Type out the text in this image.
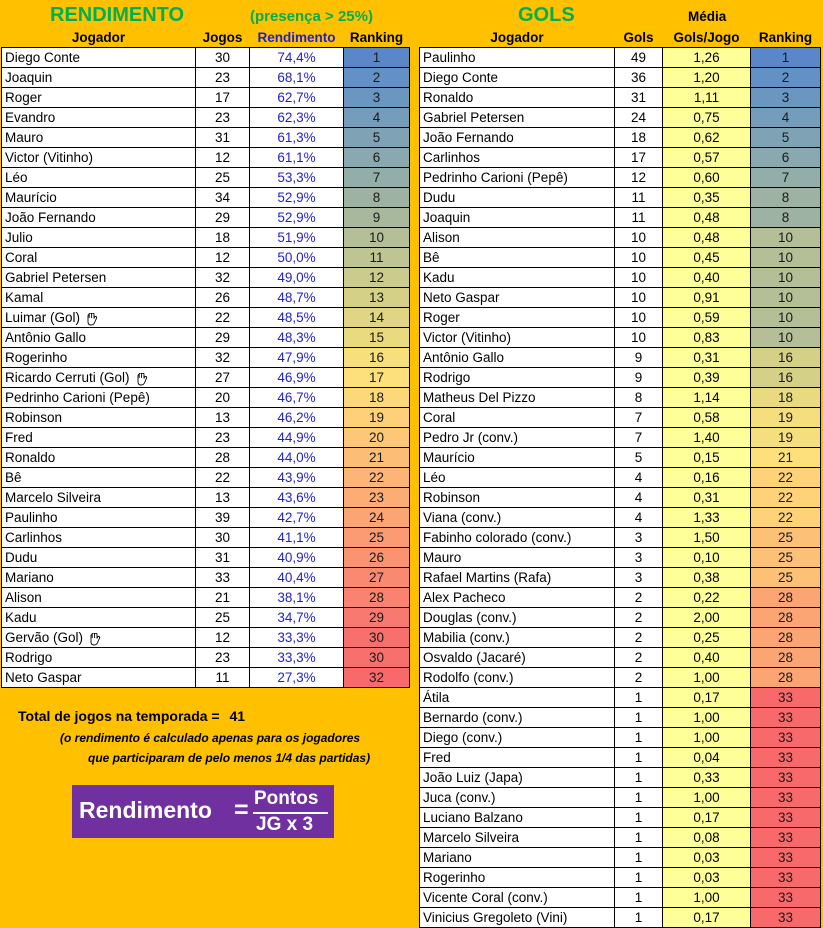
RENDIMENTO	(presença > 25%)	GOLS	Média
Jogador	Jogos	Rendimento	Ranking
Diego Conte	30	74,4%	1
Joaquin	23	68,1%	2
Roger	17	62,7%	3
Evandro	23	62,3%	4
Mauro	31	61,3%	5
Victor (Vitinho)	12	61,1%	6
Léo	25	53,3%	7
Maurício	34	52,9%	8
João Fernando	29	52,9%	9
Julio	18	51,9%	10
Coral	12	50,0%	11
Gabriel Petersen	32	49,0%	12
Kamal	26	48,7%	13
Luimar (Gol)	22	48,5%	14
Antônio Gallo	29	48,3%	15
Rogerinho	32	47,9%	16
Ricardo Cerruti (Gol)	27	46,9%	17
Pedrinho Carioni (Pepê)	20	46,7%	18
Robinson	13	46,2%	19
Fred	23	44,9%	20
Ronaldo	28	44,0%	21
Bê	22	43,9%	22
Marcelo Silveira	13	43,6%	23
Paulinho	39	42,7%	24
Carlinhos	30	41,1%	25
Dudu	31	40,9%	26
Mariano	33	40,4%	27
Alison	21	38,1%	28
Kadu	25	34,7%	29
Gervão (Gol)	12	33,3%	30
Rodrigo	23	33,3%	30
Neto Gaspar	11	27,3%	32
Jogador	Gols	Gols/Jogo	Ranking
Paulinho	49	1,26	1
Diego Conte	36	1,20	2
Ronaldo	31	1,11	3
Gabriel Petersen	24	0,75	4
João Fernando	18	0,62	5
Carlinhos	17	0,57	6
Pedrinho Carioni (Pepê)	12	0,60	7
Dudu	11	0,35	8
Joaquin	11	0,48	8
Alison	10	0,48	10
Bê	10	0,45	10
Kadu	10	0,40	10
Neto Gaspar	10	0,91	10
Roger	10	0,59	10
Victor (Vitinho)	10	0,83	10
Antônio Gallo	9	0,31	16
Rodrigo	9	0,39	16
Matheus Del Pizzo	8	1,14	18
Coral	7	0,58	19
Pedro Jr (conv.)	7	1,40	19
Maurício	5	0,15	21
Léo	4	0,16	22
Robinson	4	0,31	22
Viana (conv.)	4	1,33	22
Fabinho colorado (conv.)	3	1,50	25
Mauro	3	0,10	25
Rafael Martins (Rafa)	3	0,38	25
Alex Pacheco	2	0,22	28
Douglas (conv.)	2	2,00	28
Mabilia (conv.)	2	0,25	28
Osvaldo (Jacaré)	2	0,40	28
Rodolfo (conv.)	2	1,00	28
Átila	1	0,17	33
Bernardo (conv.)	1	1,00	33
Diego (conv.)	1	1,00	33
Fred	1	0,04	33
João Luiz (Japa)	1	0,33	33
Juca (conv.)	1	1,00	33
Luciano Balzano	1	0,17	33
Marcelo Silveira	1	0,08	33
Mariano	1	0,03	33
Rogerinho	1	0,03	33
Vicente Coral (conv.)	1	1,00	33
Vinicius Gregoleto (Vini)	1	0,17	33
Total de jogos na temporada = 41
(o rendimento é calculado apenas para os jogadores
que participaram de pelo menos 1/4 das partidas)
Rendimento = Pontos
JG x 3
